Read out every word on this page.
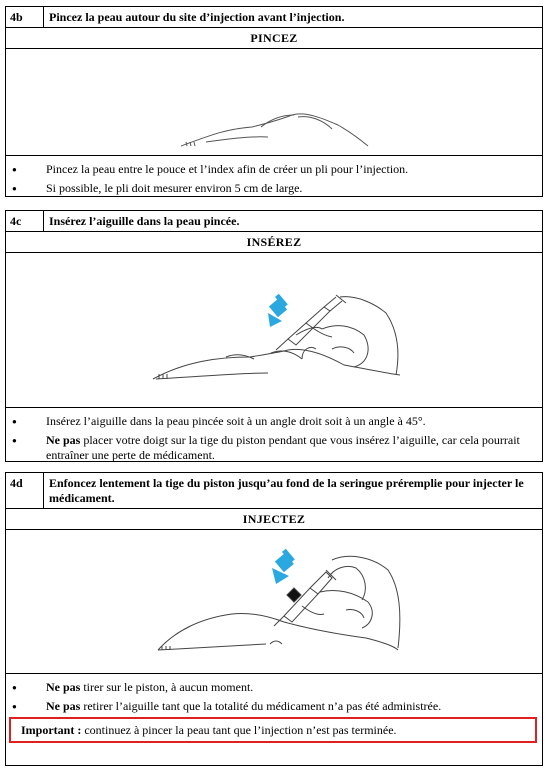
4b	Pincez la peau autour du site d’injection avant l’injection.
PINCEZ
● Pincez la peau entre le pouce et l’index afin de créer un pli pour l’injection.
● Si possible, le pli doit mesurer environ 5 cm de large.
4c	Insérez l’aiguille dans la peau pincée.
INSÉREZ
● Insérez l’aiguille dans la peau pincée soit à un angle droit soit à un angle à 45°.
● Ne pas placer votre doigt sur la tige du piston pendant que vous insérez l’aiguille, car cela pourrait entraîner une perte de médicament.
4d	Enfoncez lentement la tige du piston jusqu’au fond de la seringue préremplie pour injecter le médicament.
INJECTEZ
● Ne pas tirer sur le piston, à aucun moment.
● Ne pas retirer l’aiguille tant que la totalité du médicament n’a pas été administrée.
Important : continuez à pincer la peau tant que l’injection n’est pas terminée.
